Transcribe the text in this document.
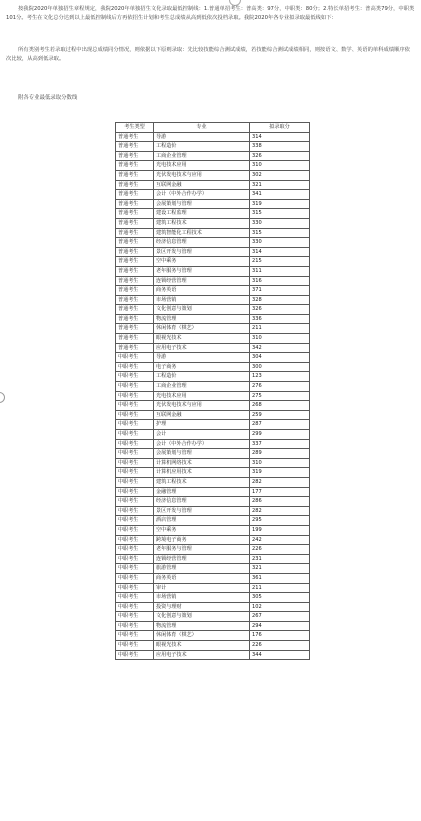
按我院2020年单独招生章程规定，我院2020年单独招生文化录取最低控制线：1.普通单招考生：普高类：97分，中职类：80分；2.特长单招考生：普高类79分，中职类101分。考生在文化总分达到以上最低控制线后方再依招生计划和考生总成绩从高到低依次投档录取。我院2020年各专业拟录取最低线如下：

所有类别考生若录取过程中出现总成绩同分情况，则依据以下原则录取：先比较技能综合测试成绩，若技能综合测试成绩相同，则按语文、数学、英语的单科成绩顺序依次比较，从高到低录取。

附各专业最低录取分数线

考生类型	专业	拟录取分
普通考生	导游	314
普通考生	工程造价	338
普通考生	工商企业管理	326
普通考生	光电技术应用	310
普通考生	光伏发电技术与应用	302
普通考生	互联网金融	321
普通考生	会计（中外合作办学）	341
普通考生	会展策划与管理	319
普通考生	建设工程监理	315
普通考生	建筑工程技术	330
普通考生	建筑智能化工程技术	315
普通考生	经济信息管理	330
普通考生	景区开发与管理	314
普通考生	空中乘务	215
普通考生	老年服务与管理	311
普通考生	连锁经营管理	316
普通考生	商务英语	371
普通考生	市场营销	328
普通考生	文化创意与策划	326
普通考生	物流管理	336
普通考生	休闲体育（棋艺）	211
普通考生	眼视光技术	310
普通考生	应用电子技术	342
中职考生	导游	304
中职考生	电子商务	300
中职考生	工程造价	123
中职考生	工商企业管理	276
中职考生	光电技术应用	275
中职考生	光伏发电技术与应用	268
中职考生	互联网金融	259
中职考生	护理	287
中职考生	会计	299
中职考生	会计（中外合作办学）	337
中职考生	会展策划与管理	289
中职考生	计算机网络技术	310
中职考生	计算机应用技术	319
中职考生	建筑工程技术	282
中职考生	金融管理	177
中职考生	经济信息管理	286
中职考生	景区开发与管理	282
中职考生	酒店管理	295
中职考生	空中乘务	199
中职考生	跨境电子商务	242
中职考生	老年服务与管理	226
中职考生	连锁经营管理	231
中职考生	旅游管理	321
中职考生	商务英语	361
中职考生	审计	211
中职考生	市场营销	305
中职考生	投资与理财	102
中职考生	文化创意与策划	267
中职考生	物流管理	294
中职考生	休闲体育（棋艺）	176
中职考生	眼视光技术	226
中职考生	应用电子技术	344
